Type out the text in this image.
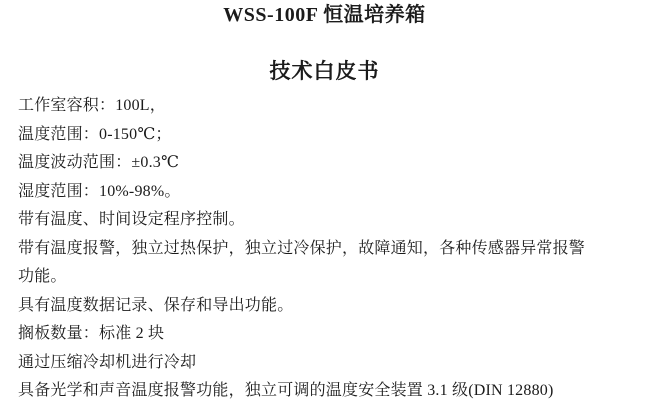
WSS-100F 恒温培养箱
技术白皮书
工作室容积：100L，
温度范围：0-150℃；
温度波动范围：±0.3℃
湿度范围：10%-98%。
带有温度、时间设定程序控制。
带有温度报警，独立过热保护，独立过冷保护，故障通知，各种传感器异常报警
功能。
具有温度数据记录、保存和导出功能。
搁板数量：标准 2 块
通过压缩冷却机进行冷却
具备光学和声音温度报警功能，独立可调的温度安全装置 3.1 级(DIN 12880)
